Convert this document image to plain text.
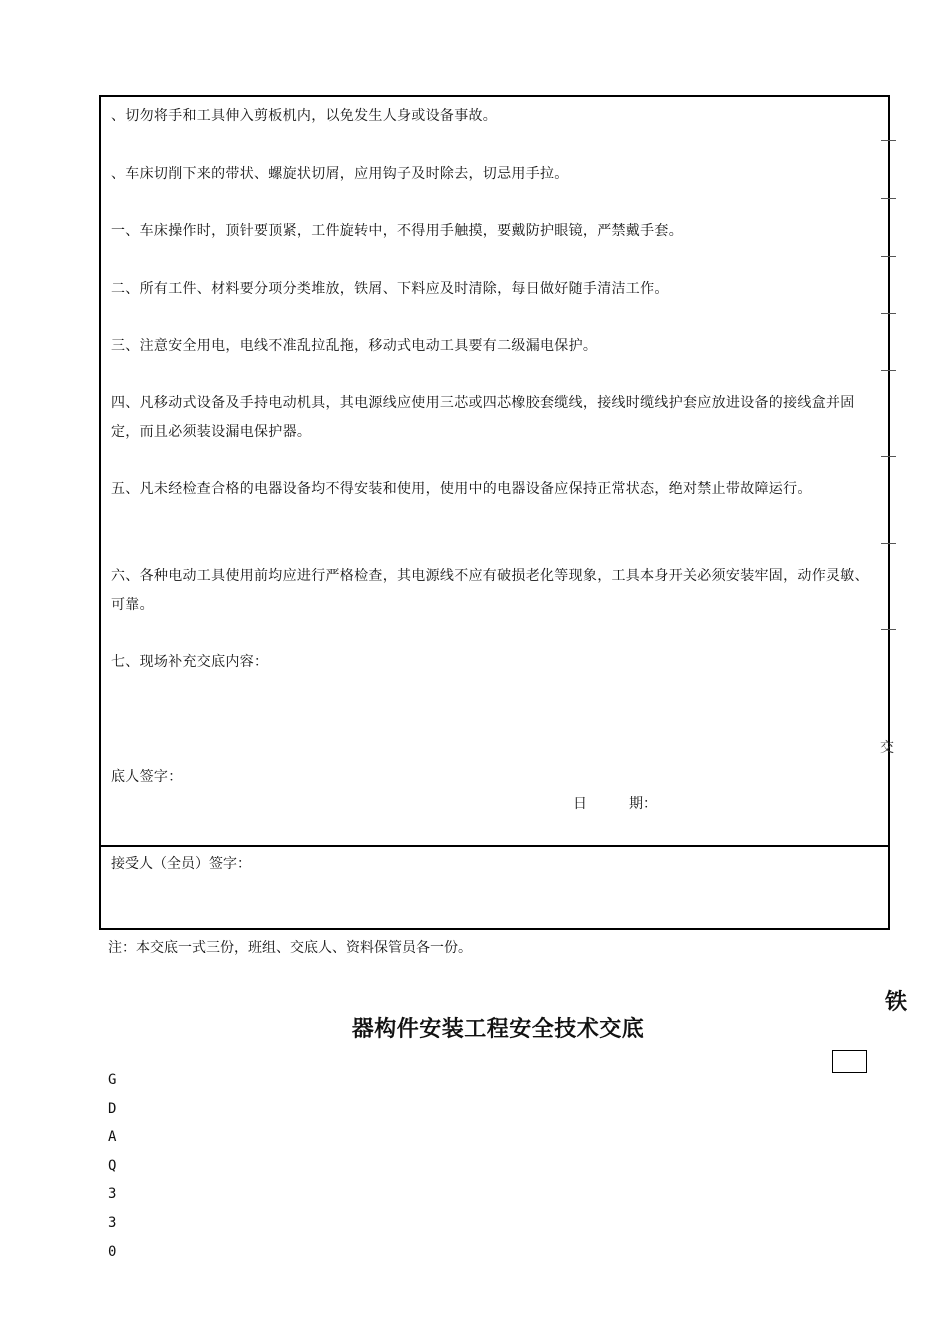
、切勿将手和工具伸入剪板机内，以免发生人身或设备事故。
、车床切削下来的带状、螺旋状切屑，应用钩子及时除去，切忌用手拉。
一、车床操作时，顶针要顶紧，工件旋转中，不得用手触摸，要戴防护眼镜，严禁戴手套。
二、所有工件、材料要分项分类堆放，铁屑、下料应及时清除，每日做好随手清洁工作。
三、注意安全用电，电线不准乱拉乱拖，移动式电动工具要有二级漏电保护。
四、凡移动式设备及手持电动机具，其电源线应使用三芯或四芯橡胶套缆线，接线时缆线护套应放进设备的接线盒并固定，而且必须装设漏电保护器。
五、凡未经检查合格的电器设备均不得安装和使用，使用中的电器设备应保持正常状态，绝对禁止带故障运行。
六、各种电动工具使用前均应进行严格检查，其电源线不应有破损老化等现象，工具本身开关必须安装牢固，动作灵敏、可靠。
七、现场补充交底内容：
底人签字：
日	期：
接受人（全员）签字：
交
注：本交底一式三份，班组、交底人、资料保管员各一份。
铁
器构件安装工程安全技术交底
G
D
A
Q
3
3
0
